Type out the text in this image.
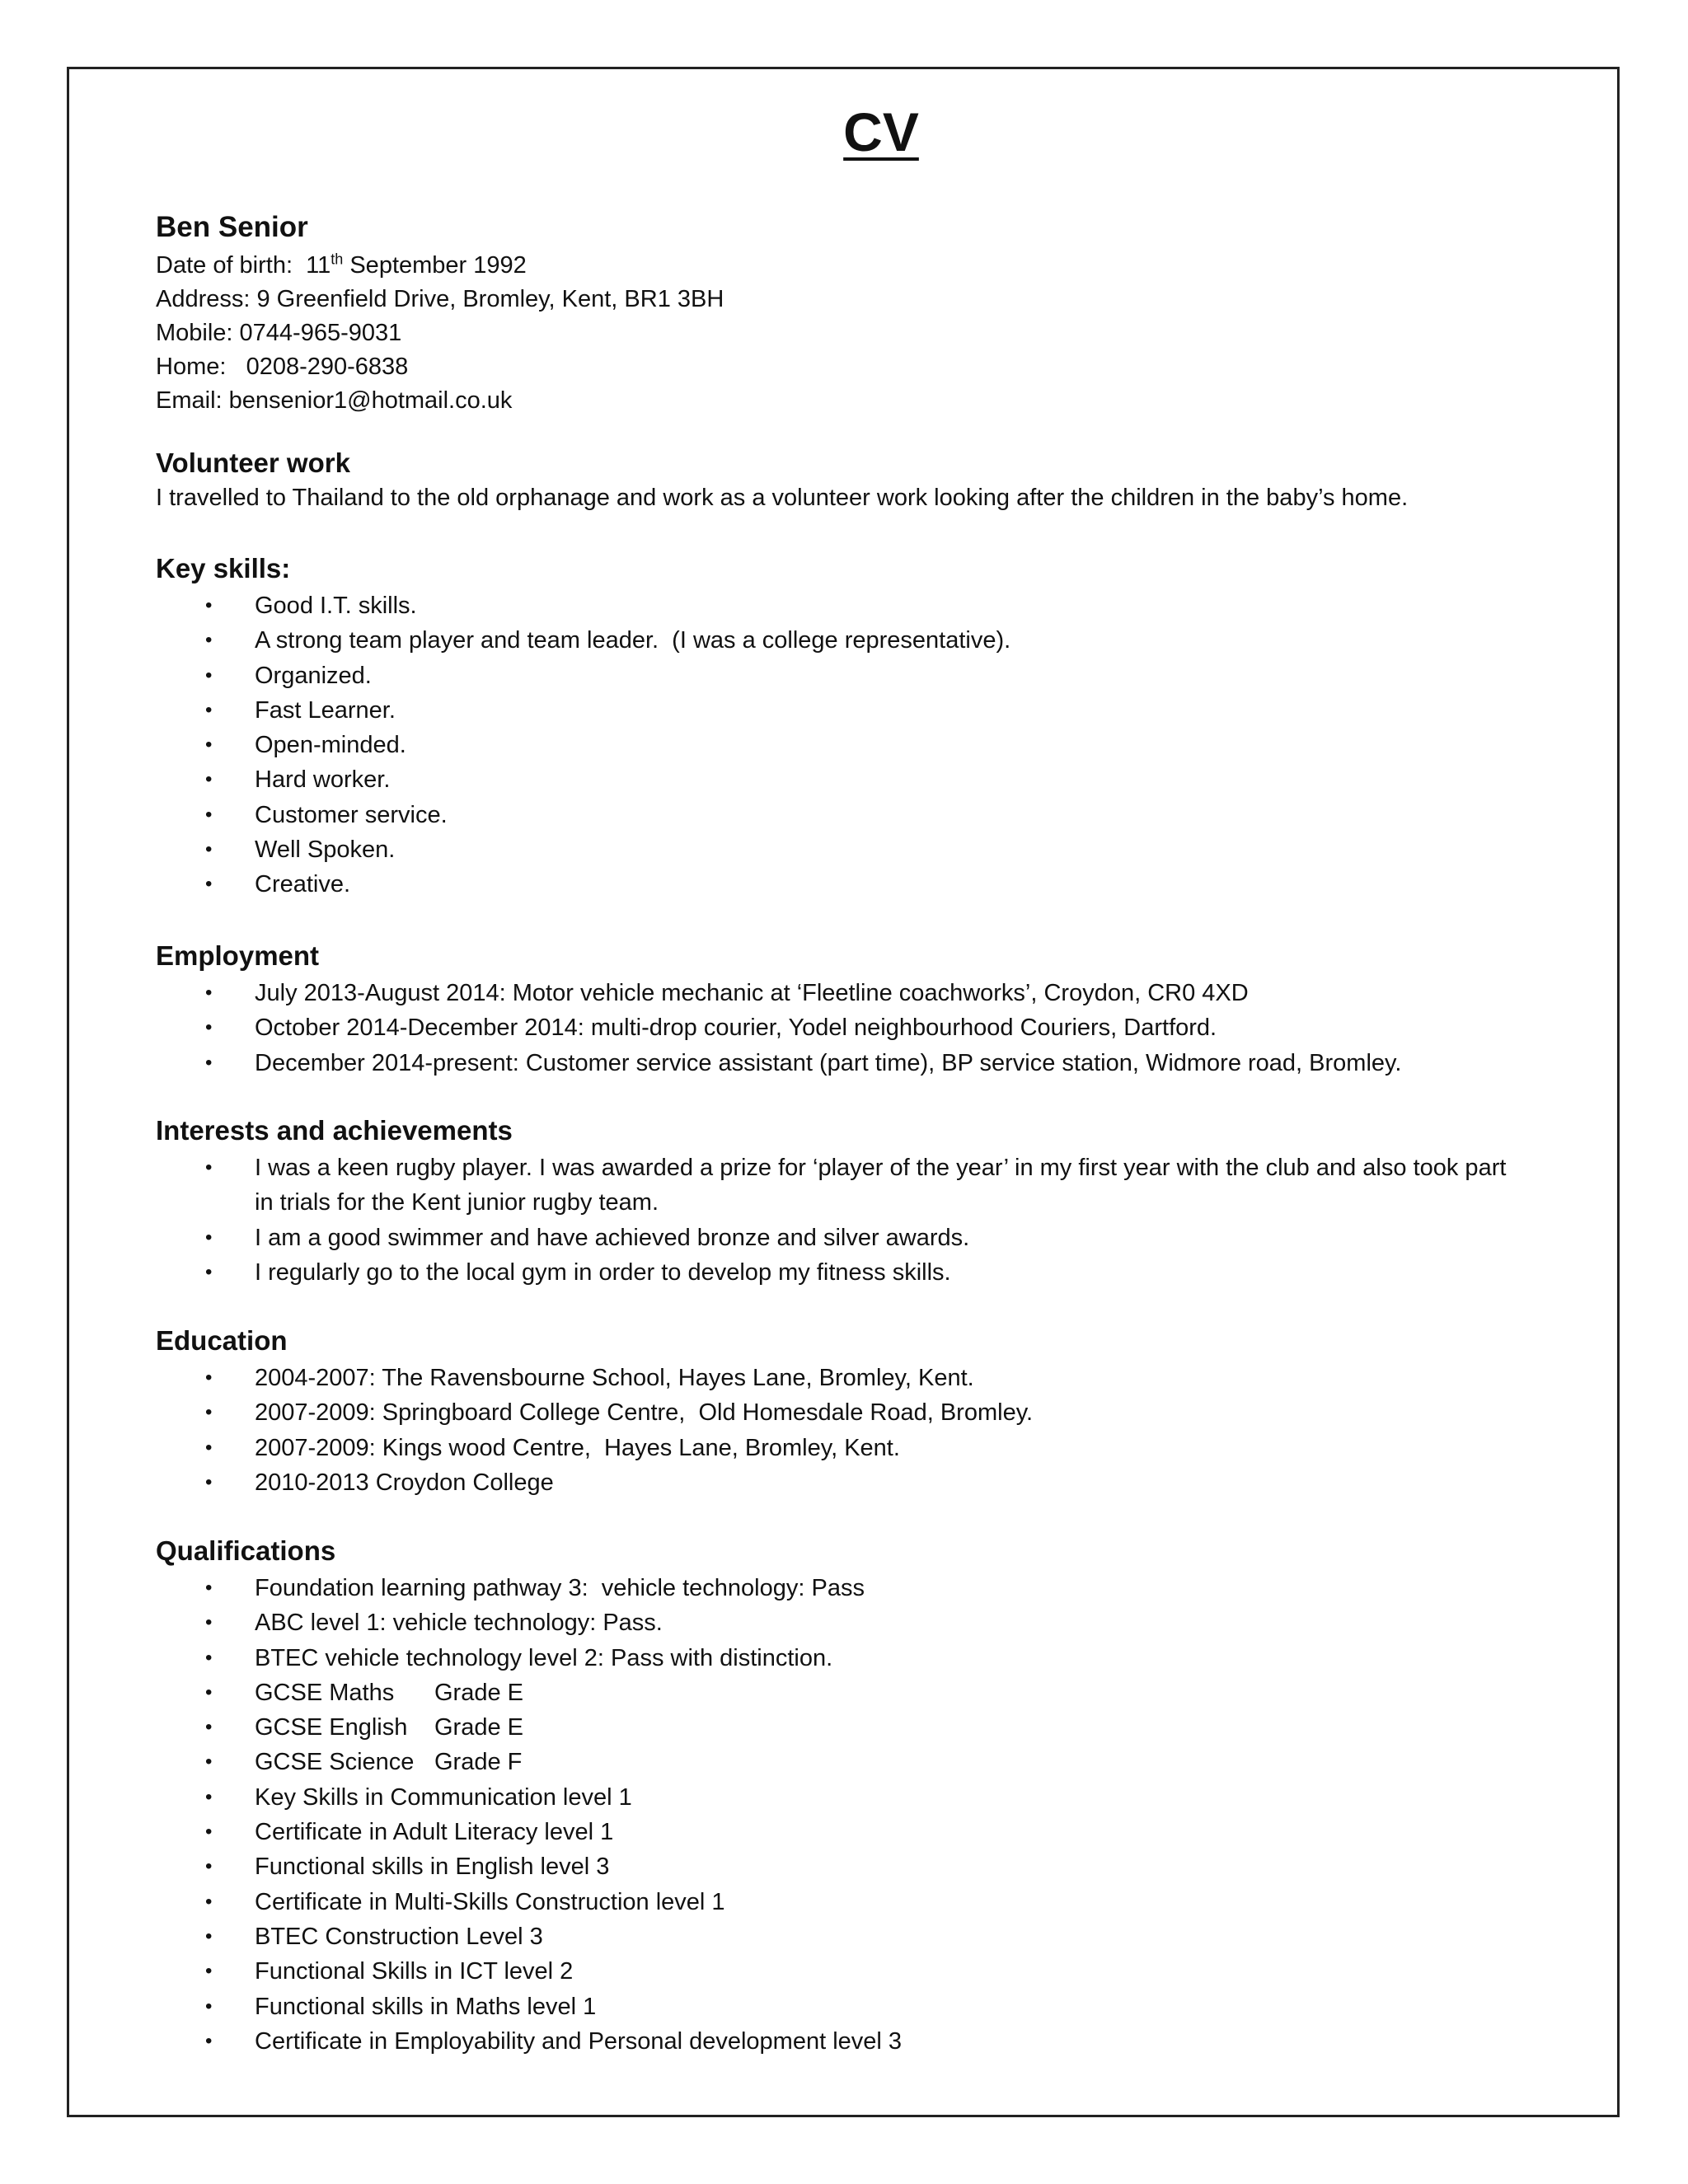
CV
Ben Senior
Date of birth: 11th September 1992
Address: 9 Greenfield Drive, Bromley, Kent, BR1 3BH
Mobile: 0744-965-9031
Home:   0208-290-6838
Email: bensenior1@hotmail.co.uk
Volunteer work

I travelled to Thailand to the old orphanage and work as a volunteer work looking after the children in the baby’s home.

Key skills:
• Good I.T. skills.
• A strong team player and team leader.  (I was a college representative).
• Organized.
• Fast Learner.
• Open-minded.
• Hard worker.
• Customer service.
• Well Spoken.
• Creative.
Employment
• July 2013-August 2014: Motor vehicle mechanic at ‘Fleetline coachworks’, Croydon, CR0 4XD
• October 2014-December 2014: multi-drop courier, Yodel neighbourhood Couriers, Dartford.
• December 2014-present: Customer service assistant (part time), BP service station, Widmore road, Bromley.
Interests and achievements
• I was a keen rugby player. I was awarded a prize for ‘player of the year’ in my first year with the club and also took part in trials for the Kent junior rugby team.
• I am a good swimmer and have achieved bronze and silver awards.
• I regularly go to the local gym in order to develop my fitness skills.
Education
• 2004-2007: The Ravensbourne School, Hayes Lane, Bromley, Kent.
• 2007-2009: Springboard College Centre,  Old Homesdale Road, Bromley.
• 2007-2009: Kings wood Centre,  Hayes Lane, Bromley, Kent.
• 2010-2013 Croydon College
Qualifications
• Foundation learning pathway 3:  vehicle technology: Pass
• ABC level 1: vehicle technology: Pass.
• BTEC vehicle technology level 2: Pass with distinction.
• GCSE Maths Grade E
• GCSE English Grade E
• GCSE Science Grade F
• Key Skills in Communication level 1
• Certificate in Adult Literacy level 1
• Functional skills in English level 3
• Certificate in Multi-Skills Construction level 1
• BTEC Construction Level 3
• Functional Skills in ICT level 2
• Functional skills in Maths level 1
• Certificate in Employability and Personal development level 3
